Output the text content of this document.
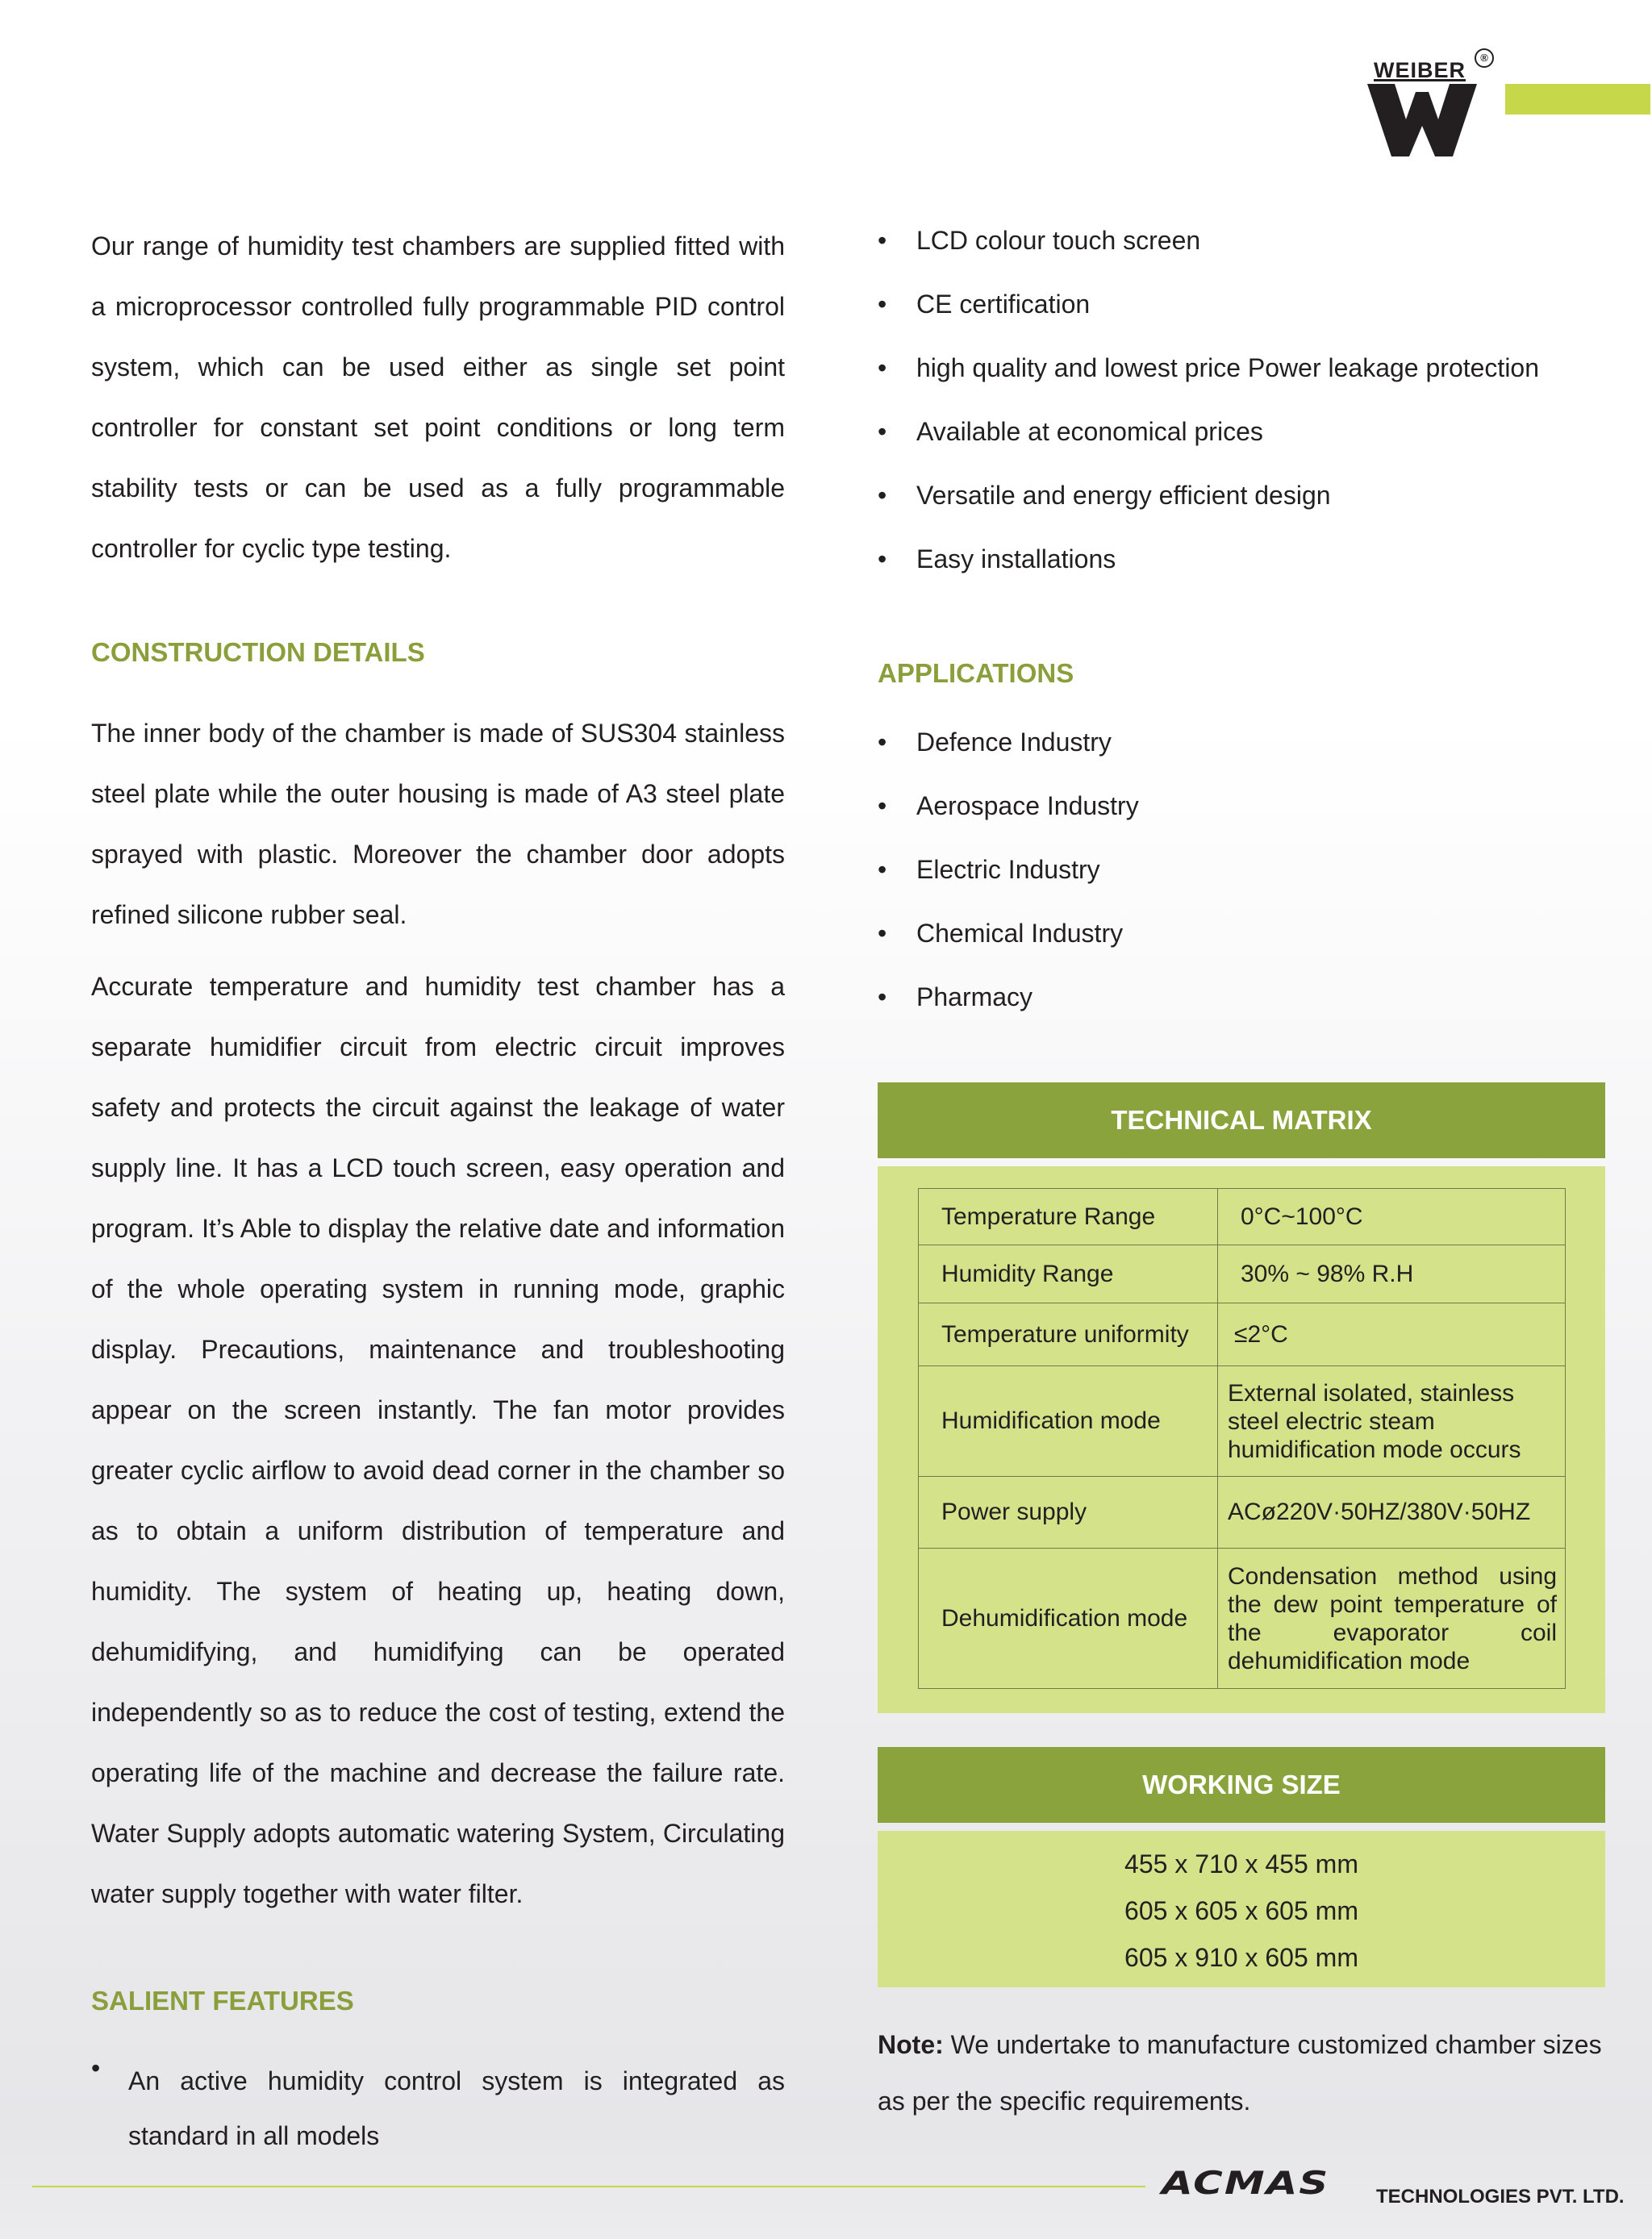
WEIBER
®

Our range of humidity test chambers are supplied fitted with a microprocessor controlled fully programmable PID control system, which can be used either as single set point controller for constant set point conditions or long term stability tests or can be used as a fully programmable controller for cyclic type testing.

CONSTRUCTION DETAILS

The inner body of the chamber is made of SUS304 stainless steel plate while the outer housing is made of A3 steel plate sprayed with plastic. Moreover the chamber door adopts refined silicone rubber seal.

Accurate temperature and humidity test chamber has a separate humidifier circuit from electric circuit improves safety and protects the circuit against the leakage of water supply line. It has a LCD touch screen, easy operation and program. It’s Able to display the relative date and information of the whole operating system in running mode, graphic display. Precautions, maintenance and troubleshooting appear on the screen instantly. The fan motor provides greater cyclic airflow to avoid dead corner in the chamber so as to obtain a uniform distribution of temperature and humidity. The system of heating up, heating down, dehumidifying, and humidifying can be operated independently so as to reduce the cost of testing, extend the operating life of the machine and decrease the failure rate. Water Supply adopts automatic watering System, Circulating water supply together with water filter.

SALIENT FEATURES
•	An active humidity control system is integrated as standard in all models
•	LCD colour touch screen
•	CE certification
•	high quality and lowest price Power leakage protection
•	Available at economical prices
•	Versatile and energy efficient design
•	Easy installations
APPLICATIONS
•	Defence Industry
•	Aerospace Industry
•	Electric Industry
•	Chemical Industry
•	Pharmacy
TECHNICAL MATRIX
Temperature Range	0°C~100°C
Humidity Range	30% ~ 98% R.H
Temperature uniformity	≤2°C
Humidification mode	External isolated, stainless steel electric steam humidification mode occurs
Power supply	ACø220V·50HZ/380V·50HZ
Dehumidification mode	Condensation method using the dew point temperature of the evaporator coil dehumidification mode
WORKING SIZE
455 x 710 x 455 mm
605 x 605 x 605 mm
605 x 910 x 605 mm
Note: We undertake to manufacture customized chamber sizes as per the specific requirements.
ACMAS TECHNOLOGIES PVT. LTD.
